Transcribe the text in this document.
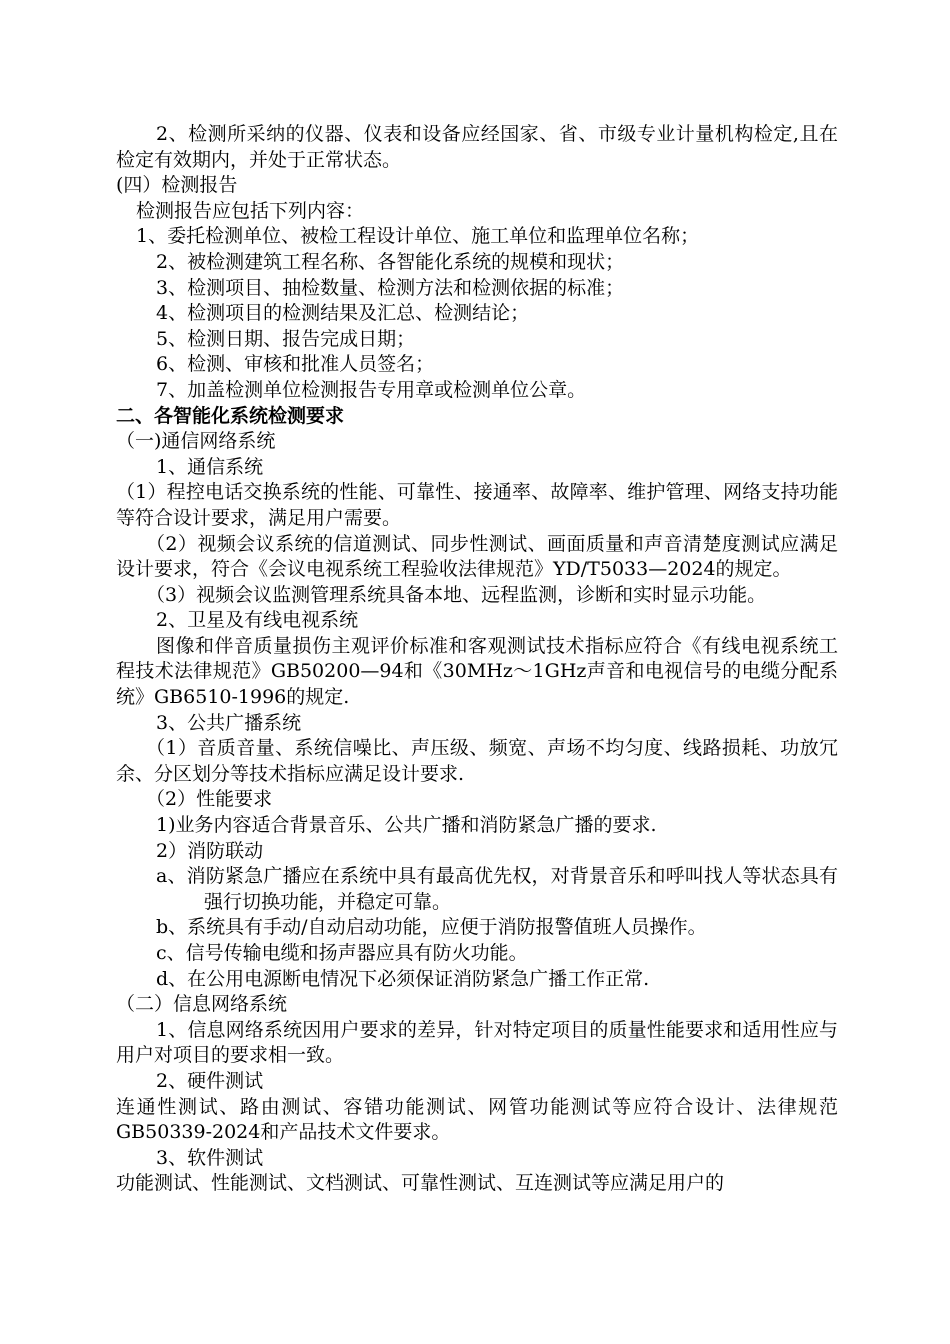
2、检测所采纳的仪器、仪表和设备应经国家、省、市级专业计量机构检定,且在检定有效期内，并处于正常状态。

(四）检测报告

检测报告应包括下列内容：

1、委托检测单位、被检工程设计单位、施工单位和监理单位名称；

2、被检测建筑工程名称、各智能化系统的规模和现状；

3、检测项目、抽检数量、检测方法和检测依据的标准；

4、检测项目的检测结果及汇总、检测结论；

5、检测日期、报告完成日期；

6、检测、审核和批准人员签名；

7、加盖检测单位检测报告专用章或检测单位公章。

二、各智能化系统检测要求

（一)通信网络系统

1、通信系统

（1）程控电话交换系统的性能、可靠性、接通率、故障率、维护管理、网络支持功能等符合设计要求，满足用户需要。

（2）视频会议系统的信道测试、同步性测试、画面质量和声音清楚度测试应满足设计要求，符合《会议电视系统工程验收法律规范》YD/T5033—2024的规定。

（3）视频会议监测管理系统具备本地、远程监测，诊断和实时显示功能。

2、卫星及有线电视系统

图像和伴音质量损伤主观评价标准和客观测试技术指标应符合《有线电视系统工程技术法律规范》GB50200—94和《30MHz～1GHz声音和电视信号的电缆分配系统》GB6510-1996的规定.

3、公共广播系统

（1）音质音量、系统信噪比、声压级、频宽、声场不均匀度、线路损耗、功放冗余、分区划分等技术指标应满足设计要求.

（2）性能要求

1)业务内容适合背景音乐、公共广播和消防紧急广播的要求.

2）消防联动

a、消防紧急广播应在系统中具有最高优先权，对背景音乐和呼叫找人等状态具有强行切换功能，并稳定可靠。

b、系统具有手动/自动启动功能，应便于消防报警值班人员操作。

c、信号传输电缆和扬声器应具有防火功能。

d、在公用电源断电情况下必须保证消防紧急广播工作正常.

（二）信息网络系统

1、信息网络系统因用户要求的差异，针对特定项目的质量性能要求和适用性应与用户对项目的要求相一致。

2、硬件测试

连通性测试、路由测试、容错功能测试、网管功能测试等应符合设计、法律规范GB50339-2024和产品技术文件要求。

3、软件测试

功能测试、性能测试、文档测试、可靠性测试、互连测试等应满足用户的
